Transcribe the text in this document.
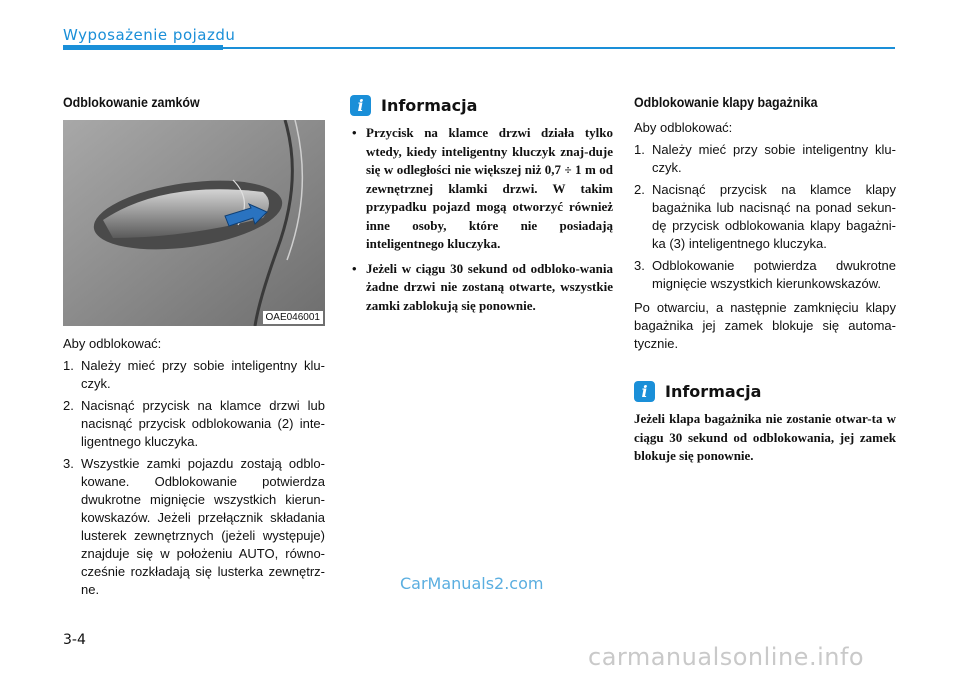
Wyposażenie pojazdu
Odblokowanie zamków
OAE046001
Aby odblokować:
1. Należy mieć przy sobie inteligentny klu-czyk.
2. Nacisnąć przycisk na klamce drzwi lub nacisnąć przycisk odblokowania (2) inte-ligentnego kluczyka.
3. Wszystkie zamki pojazdu zostają odblo-kowane. Odblokowanie potwierdza dwukrotne mignięcie wszystkich kierun-kowskazów. Jeżeli przełącznik składania lusterek zewnętrznych (jeżeli występuje) znajduje się w położeniu AUTO, równo-cześnie rozkładają się lusterka zewnętrz-ne.
i	Informacja
• Przycisk na klamce drzwi działa tylko wtedy, kiedy inteligentny kluczyk znaj-duje się w odległości nie większej niż 0,7 ÷ 1 m od zewnętrznej klamki drzwi. W takim przypadku pojazd mogą otworzyć również inne osoby, które nie posiadają inteligentnego kluczyka.
• Jeżeli w ciągu 30 sekund od odbloko-wania żadne drzwi nie zostaną otwarte, wszystkie zamki zablokują się ponownie.
Odblokowanie klapy bagażnika
Aby odblokować:
1. Należy mieć przy sobie inteligentny klu-czyk.
2. Nacisnąć przycisk na klamce klapy bagażnika lub nacisnąć na ponad sekun-dę przycisk odblokowania klapy bagażni-ka (3) inteligentnego kluczyka.
3. Odblokowanie potwierdza dwukrotne mignięcie wszystkich kierunkowskazów.
Po otwarciu, a następnie zamknięciu klapy bagażnika jej zamek blokuje się automa-tycznie.
i	Informacja
Jeżeli klapa bagażnika nie zostanie otwar-ta w ciągu 30 sekund od odblokowania, jej zamek blokuje się ponownie.
CarManuals2.com
3-4
carmanualsonline.info
